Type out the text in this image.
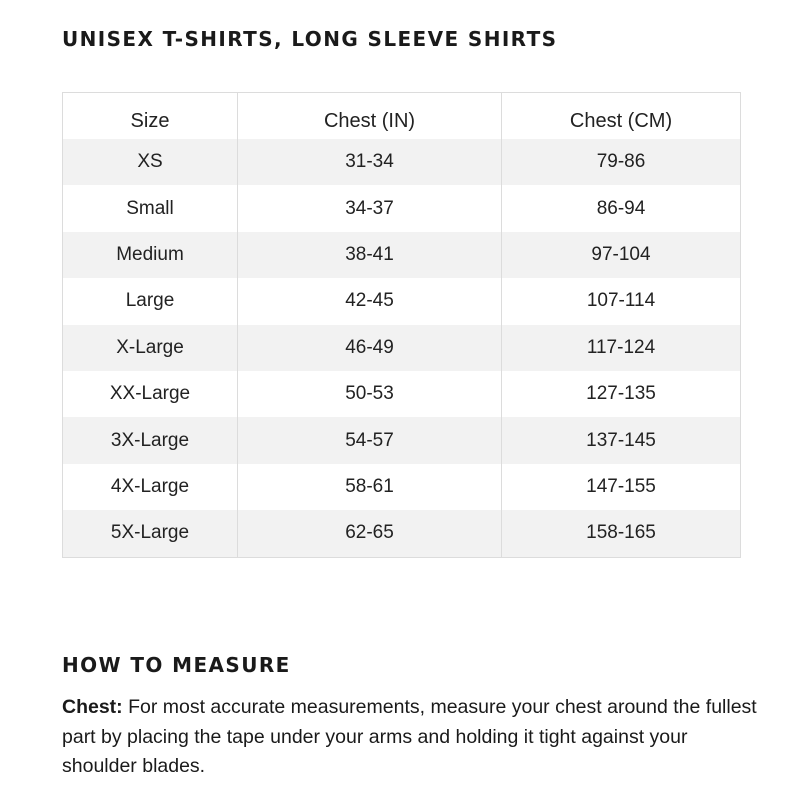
UNISEX T-SHIRTS, LONG SLEEVE SHIRTS
Size	Chest (IN)	Chest (CM)
XS	31-34	79-86
Small	34-37	86-94
Medium	38-41	97-104
Large	42-45	107-114
X-Large	46-49	117-124
XX-Large	50-53	127-135
3X-Large	54-57	137-145
4X-Large	58-61	147-155
5X-Large	62-65	158-165
HOW TO MEASURE

Chest: For most accurate measurements, measure your chest around the fullest part by placing the tape under your arms and holding it tight against your shoulder blades.
